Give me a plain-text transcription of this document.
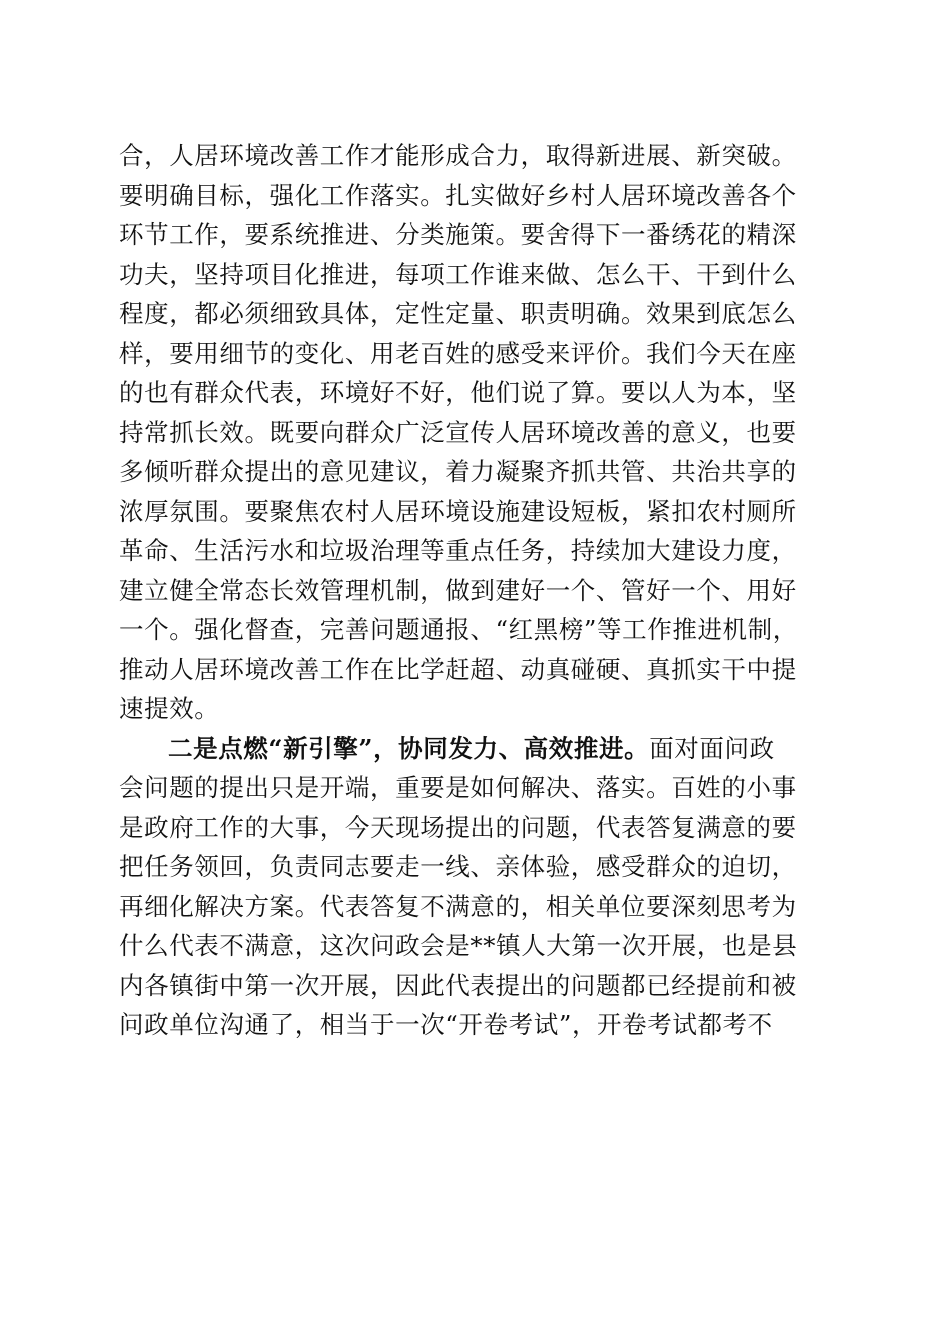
合，人居环境改善工作才能形成合力，取得新进展、新突破。
要明确目标，强化工作落实。扎实做好乡村人居环境改善各个
环节工作，要系统推进、分类施策。要舍得下一番绣花的精深
功夫，坚持项目化推进，每项工作谁来做、怎么干、干到什么
程度，都必须细致具体，定性定量、职责明确。效果到底怎么
样，要用细节的变化、用老百姓的感受来评价。我们今天在座
的也有群众代表，环境好不好，他们说了算。要以人为本，坚
持常抓长效。既要向群众广泛宣传人居环境改善的意义，也要
多倾听群众提出的意见建议，着力凝聚齐抓共管、共治共享的
浓厚氛围。要聚焦农村人居环境设施建设短板，紧扣农村厕所
革命、生活污水和垃圾治理等重点任务，持续加大建设力度，
建立健全常态长效管理机制，做到建好一个、管好一个、用好
一个。强化督查，完善问题通报、“红黑榜”等工作推进机制，
推动人居环境改善工作在比学赶超、动真碰硬、真抓实干中提
速提效。
二是点燃“新引擎”，协同发力、高效推进。面对面问政
会问题的提出只是开端，重要是如何解决、落实。百姓的小事
是政府工作的大事，今天现场提出的问题，代表答复满意的要
把任务领回，负责同志要走一线、亲体验，感受群众的迫切，
再细化解决方案。代表答复不满意的，相关单位要深刻思考为
什么代表不满意，这次问政会是**镇人大第一次开展，也是县
内各镇街中第一次开展，因此代表提出的问题都已经提前和被
问政单位沟通了，相当于一次“开卷考试”，开卷考试都考不
